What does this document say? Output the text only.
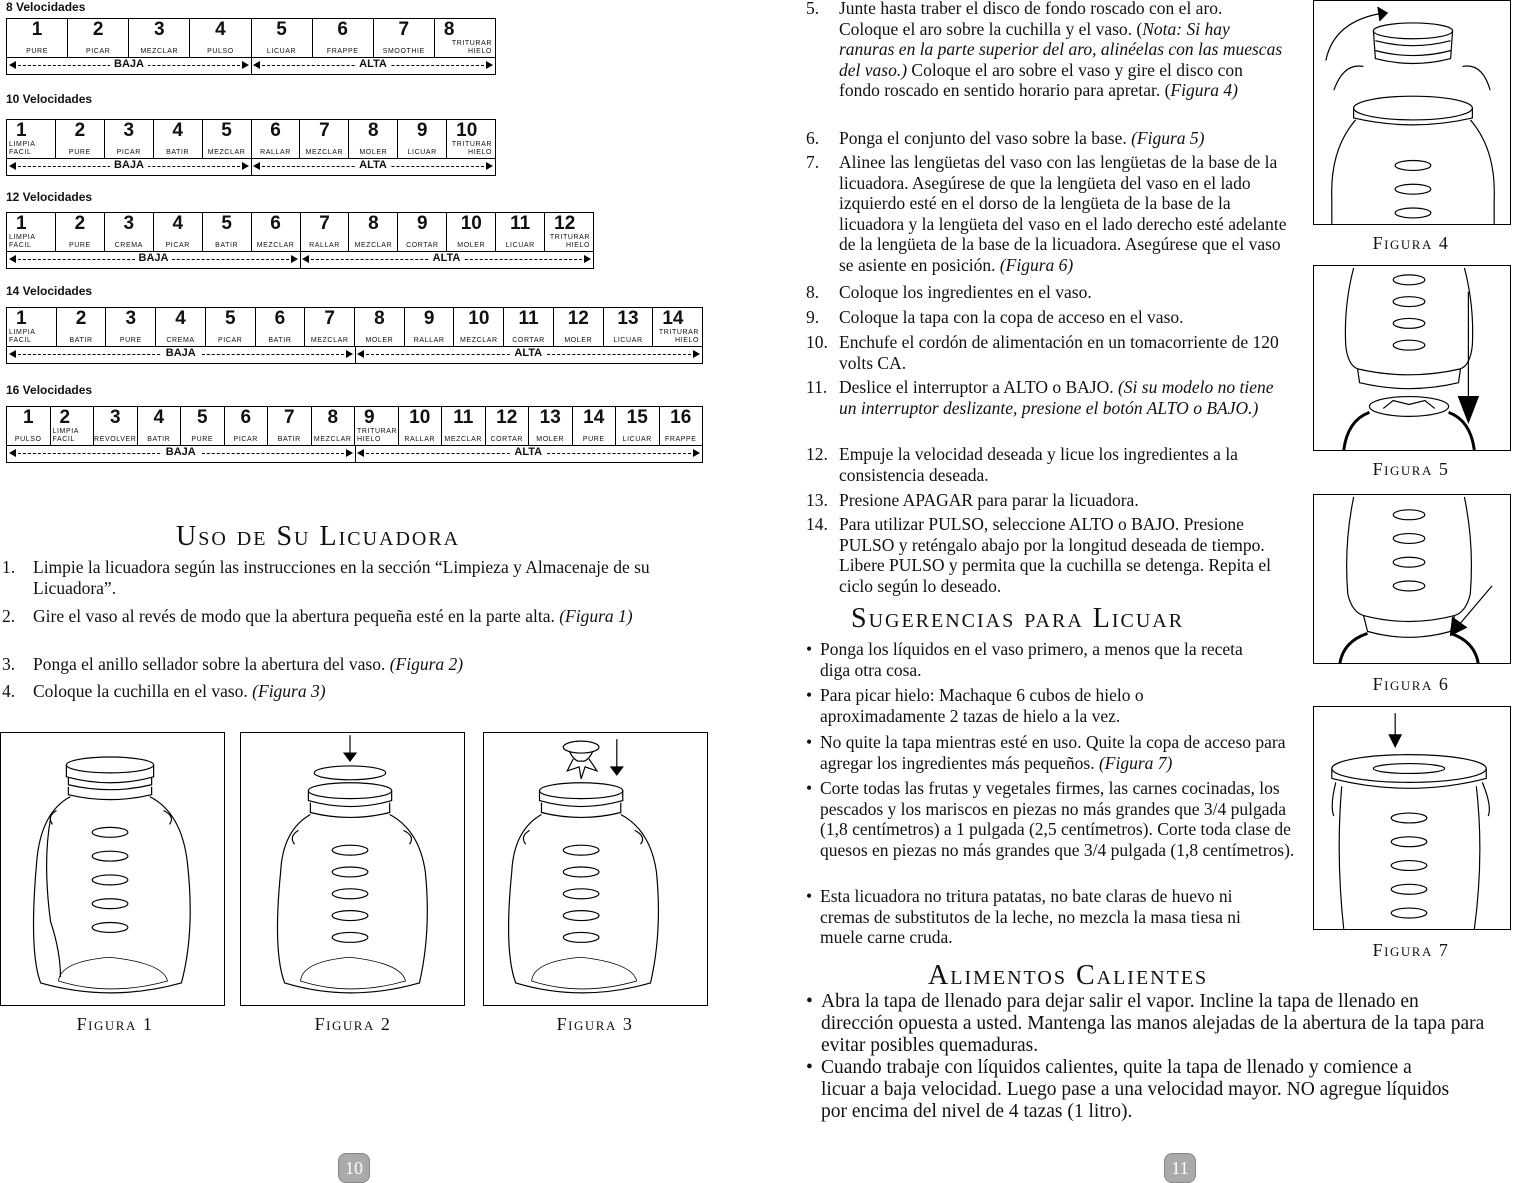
8 Velocidades
1
PURÉ
2
PICAR
3
MEZCLAR
4
PULSO
5
LICUAR
6
FRAPPÉ
7
SMOOTHIE
8
TRITURAR
HIELO
BAJA	ALTA
10 Velocidades
1
LIMPIA
FACIL
2
PURÉ
3
PICAR
4
BATIR
5
MEZCLAR
6
RALLAR
7
MEZCLAR
8
MOLER
9
LICUAR
10
TRITURAR
HIELO
BAJA	ALTA
12 Velocidades
1
LIMPIA
FACIL
2
PURÉ
3
CREMA
4
PICAR
5
BATIR
6
MEZCLAR
7
RALLAR
8
MEZCLAR
9
CORTAR
10
MOLER
11
LICUAR
12
TRITURAR
HIELO
BAJA	ALTA
14 Velocidades
1
LIMPIA
FACIL
2
BATIR
3
PURE
4
CREMA
5
PICAR
6
BATIR
7
MEZCLAR
8
MOLER
9
RALLAR
10
MEZCLAR
11
CORTAR
12
MOLER
13
LICUAR
14
TRITURAR
HIELO
BAJA	ALTA
16 Velocidades
1
PULSO
2
LIMPIA
FACIL
3
REVOLVER
4
BATIR
5
PURÉ
6
PICAR
7
BATIR
8
MEZCLAR
9
TRITURAR
HIELO
10
RALLAR
11
MEZCLAR
12
CORTAR
13
MOLER
14
PURÉ
15
LICUAR
16
FRAPPÉ
BAJA	ALTA
Uso de Su Licuadora
1.	Limpie la licuadora según las instrucciones en la sección “Limpieza y Almacenaje de su Licuadora”.
2.	Gire el vaso al revés de modo que la abertura pequeña esté en la parte alta. (Figura 1)
3.	Ponga el anillo sellador sobre la abertura del vaso. (Figura 2)
4.	Coloque la cuchilla en el vaso. (Figura 3)
Figura 1	Figura 2	Figura 3
10
5.	Junte hasta traber el disco de fondo roscado con el aro. Coloque el aro sobre la cuchilla y el vaso. (Nota: Si hay ranuras en la parte superior del aro, alinéelas con las muescas del vaso.) Coloque el aro sobre el vaso y gire el disco con fondo roscado en sentido horario para apretar. (Figura 4)
6.	Ponga el conjunto del vaso sobre la base. (Figura 5)
7.	Alinee las lengüetas del vaso con las lengüetas de la base de la licuadora. Asegúrese de que la lengüeta del vaso en el lado izquierdo esté en el dorso de la lengüeta de la base de la licuadora y la lengüeta del vaso en el lado derecho esté adelante de la lengüeta de la base de la licuadora. Asegúrese que el vaso se asiente en posición. (Figura 6)
8.	Coloque los ingredientes en el vaso.
9.	Coloque la tapa con la copa de acceso en el vaso.
10. Enchufe el cordón de alimentación en un tomacorriente de 120 volts CA.
11. Deslice el interruptor a ALTO o BAJO. (Si su modelo no tiene un interruptor deslizante, presione el botón ALTO o BAJO.)
12. Empuje la velocidad deseada y licue los ingredientes a la consistencia deseada.
13. Presione APAGAR para parar la licuadora.
14. Para utilizar PULSO, seleccione ALTO o BAJO. Presione PULSO y reténgalo abajo por la longitud deseada de tiempo. Libere PULSO y permita que la cuchilla se detenga. Repita el ciclo según lo deseado.
Sugerencias para Licuar
• Ponga los líquidos en el vaso primero, a menos que la receta diga otra cosa.
• Para picar hielo: Machaque 6 cubos de hielo o aproximadamente 2 tazas de hielo a la vez.
• No quite la tapa mientras esté en uso. Quite la copa de acceso para agregar los ingredientes más pequeños. (Figura 7)
• Corte todas las frutas y vegetales firmes, las carnes cocinadas, los pescados y los mariscos en piezas no más grandes que 3/4 pulgada (1,8 centímetros) a 1 pulgada (2,5 centímetros). Corte toda clase de quesos en piezas no más grandes que 3/4 pulgada (1,8 centímetros).
• Esta licuadora no tritura patatas, no bate claras de huevo ni cremas de substitutos de la leche, no mezcla la masa tiesa ni muele carne cruda.
Alimentos Calientes
• Abra la tapa de llenado para dejar salir el vapor. Incline la tapa de llenado en dirección opuesta a usted. Mantenga las manos alejadas de la abertura de la tapa para evitar posibles quemaduras.
• Cuando trabaje con líquidos calientes, quite la tapa de llenado y comience a licuar a baja velocidad. Luego pase a una velocidad mayor. NO agregue líquidos por encima del nivel de 4 tazas (1 litro).
Figura 4
Figura 5
Figura 6
Figura 7
11
